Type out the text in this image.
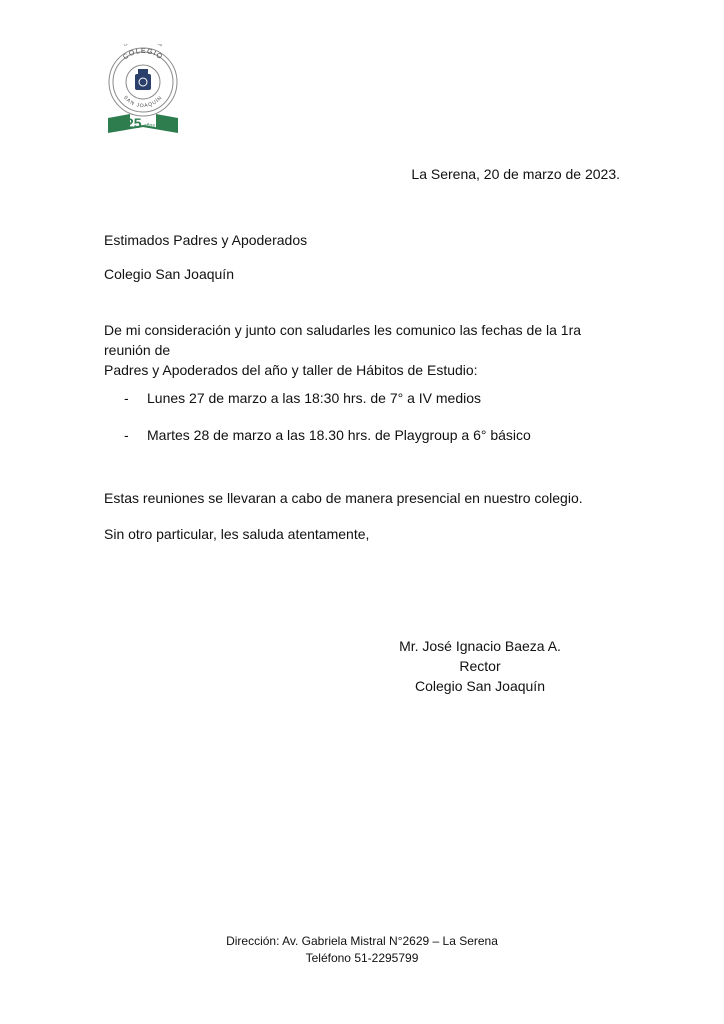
U a
COLEGIO
SAN JOAQUÍN
25 años
La Serena, 20 de marzo de 2023.
Estimados Padres y Apoderados
Colegio San Joaquín
De mi consideración y junto con saludarles les comunico las fechas de la 1ra reunión de
Padres y Apoderados del año y taller de Hábitos de Estudio:
- Lunes 27 de marzo a las 18:30 hrs. de 7° a IV medios
- Martes 28 de marzo a las 18.30 hrs. de Playgroup a 6° básico
Estas reuniones se llevaran a cabo de manera presencial en nuestro colegio.
Sin otro particular, les saluda atentamente,
Mr. José Ignacio Baeza A.
Rector
Colegio San Joaquín
Dirección: Av. Gabriela Mistral N°2629 – La Serena
Teléfono 51-2295799
